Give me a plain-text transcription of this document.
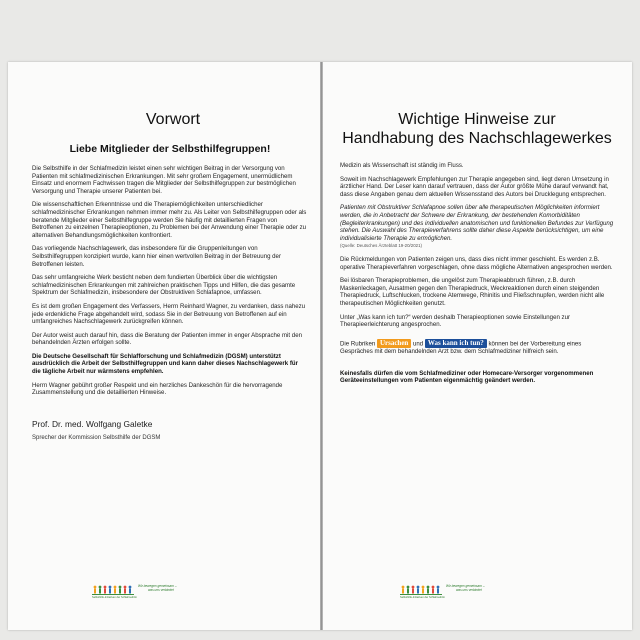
Vorwort
Liebe Mitglieder der Selbsthilfegruppen!

Die Selbsthilfe in der Schlafmedizin leistet einen sehr wichtigen Beitrag in der Versorgung von Patienten mit schlafmedizinischen Erkrankungen. Mit sehr großem Engagement, unermüdlichem Einsatz und enormem Fachwissen tragen die Mitglieder der Selbsthilfegruppen zur bestmöglichen Versorgung und Therapie unserer Patienten bei.

Die wissenschaftlichen Erkenntnisse und die Therapiemöglichkeiten unterschiedlicher schlafmedizinischer Erkrankungen nehmen immer mehr zu. Als Leiter von Selbsthilfegruppen oder als beratende Mitglieder einer Selbsthilfegruppe werden Sie häufig mit detaillierten Fragen von Betroffenen zu einzelnen Therapieoptionen, zu Problemen bei der Anwendung einer Therapie oder zu alternativen Behandlungsmöglichkeiten konfrontiert.

Das vorliegende Nachschlagewerk, das insbesondere für die Gruppenleitungen von Selbsthilfegruppen konzipiert wurde, kann hier einen wertvollen Beitrag in der Betreuung der Betroffenen leisten.

Das sehr umfangreiche Werk besticht neben dem fundierten Überblick über die wichtigsten schlafmedizinischen Erkrankungen mit zahlreichen praktischen Tipps und Hilfen, die das gesamte Spektrum der Schlafmedizin, insbesondere der Obstruktiven Schlafapnoe, umfassen.

Es ist dem großen Engagement des Verfassers, Herrn Reinhard Wagner, zu verdanken, dass nahezu jede erdenkliche Frage abgehandelt wird, sodass Sie in der Betreuung von Betroffenen auf ein umfangreiches Nachschlagewerk zurückgreifen können.

Der Autor weist auch darauf hin, dass die Beratung der Patienten immer in enger Absprache mit den behandelnden Ärzten erfolgen sollte.

Die Deutsche Gesellschaft für Schlafforschung und Schlafmedizin (DGSM) unterstützt ausdrücklich die Arbeit der Selbsthilfegruppen und kann daher dieses Nachschlagewerk für die tägliche Arbeit nur wärmstens empfehlen.

Herrn Wagner gebührt großer Respekt und ein herzliches Dankeschön für die hervorragende Zusammenstellung und die detaillierten Hinweise.

Prof. Dr. med. Wolfgang Galetke
Sprecher der Kommission Selbsthilfe der DGSM
Wir bewegen gemeinsam –
was uns verbindet
Selbsthilfe-Initiativen der Schlafmedizin
Wichtige Hinweise zur
Handhabung des Nachschlagewerkes

Medizin als Wissenschaft ist ständig im Fluss.

Soweit im Nachschlagewerk Empfehlungen zur Therapie angegeben sind, liegt deren Umsetzung in ärztlicher Hand. Der Leser kann darauf vertrauen, dass der Autor größte Mühe darauf verwandt hat, dass diese Angaben genau dem aktuellen Wissensstand des Autors bei Drucklegung entsprechen.

Patienten mit Obstruktiver Schlafapnoe sollen über alle therapeutischen Möglichkeiten informiert werden, die in Anbetracht der Schwere der Erkrankung, der bestehenden Komorbiditäten (Begleiterkrankungen) und des individuellen anatomischen und funktionellen Befundes zur Verfügung stehen. Die Auswahl des Therapieverfahrens sollte daher diese Aspekte berücksichtigen, um eine individualisierte Therapie zu ermöglichen.
(Quelle: Deutsches Ärzteblatt 19-20/2021)

Die Rückmeldungen von Patienten zeigen uns, dass dies nicht immer geschieht. Es werden z.B. operative Therapieverfahren vorgeschlagen, ohne dass mögliche Alternativen angesprochen werden.

Bei lösbaren Therapieproblemen, die ungelöst zum Therapieabbruch führen, z.B. durch Maskenleckagen, Ausatmen gegen den Therapiedruck, Weckreaktionen durch einen steigenden Therapiedruck, Luftschlucken, trockene Atemwege, Rhinitis und Fließschnupfen, werden nicht alle therapeutischen Möglichkeiten genutzt.

Unter „Was kann ich tun?“ werden deshalb Therapieoptionen sowie Einstellungen zur Therapieerleichterung angesprochen.

Die Rubriken Ursachen und Was kann ich tun? können bei der Vorbereitung eines Gespräches mit dem behandelnden Arzt bzw. dem Schlafmediziner hilfreich sein.

Keinesfalls dürfen die vom Schlafmediziner oder Homecare-Versorger vorgenommenen Geräteeinstellungen vom Patienten eigenmächtig geändert werden.

Wir bewegen gemeinsam –
was uns verbindet
Selbsthilfe-Initiativen der Schlafmedizin
